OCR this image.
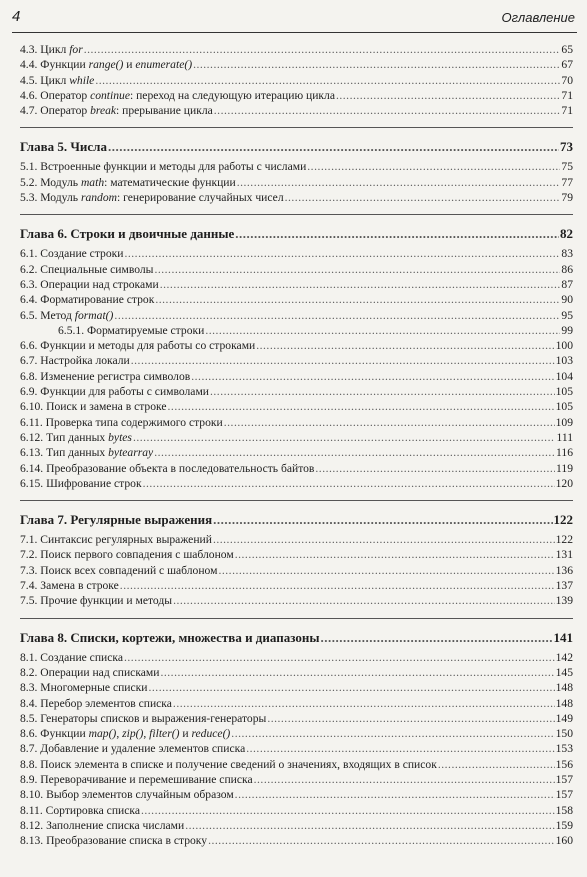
4	Оглавление
4.3. Цикл for .....	65
4.4. Функции range() и enumerate() .....	67
4.5. Цикл while .....	70
4.6. Оператор continue: переход на следующую итерацию цикла .....	71
4.7. Оператор break: прерывание цикла .....	71
Глава 5. Числа .....	73
5.1. Встроенные функции и методы для работы с числами .....	75
5.2. Модуль math: математические функции .....	77
5.3. Модуль random: генерирование случайных чисел .....	79
Глава 6. Строки и двоичные данные .....	82
6.1. Создание строки .....	83
6.2. Специальные символы .....	86
6.3. Операции над строками .....	87
6.4. Форматирование строк .....	90
6.5. Метод format() .....	95
6.5.1. Форматируемые строки .....	99
6.6. Функции и методы для работы со строками .....	100
6.7. Настройка локали .....	103
6.8. Изменение регистра символов .....	104
6.9. Функции для работы с символами .....	105
6.10. Поиск и замена в строке .....	105
6.11. Проверка типа содержимого строки .....	109
6.12. Тип данных bytes .....	111
6.13. Тип данных bytearray .....	116
6.14. Преобразование объекта в последовательность байтов .....	119
6.15. Шифрование строк .....	120
Глава 7. Регулярные выражения .....	122
7.1. Синтаксис регулярных выражений .....	122
7.2. Поиск первого совпадения с шаблоном .....	131
7.3. Поиск всех совпадений с шаблоном .....	136
7.4. Замена в строке .....	137
7.5. Прочие функции и методы .....	139
Глава 8. Списки, кортежи, множества и диапазоны .....	141
8.1. Создание списка .....	142
8.2. Операции над списками .....	145
8.3. Многомерные списки .....	148
8.4. Перебор элементов списка .....	148
8.5. Генераторы списков и выражения-генераторы .....	149
8.6. Функции map(), zip(), filter() и reduce() .....	150
8.7. Добавление и удаление элементов списка .....	153
8.8. Поиск элемента в списке и получение сведений о значениях, входящих в список .....	156
8.9. Переворачивание и перемешивание списка .....	157
8.10. Выбор элементов случайным образом .....	157
8.11. Сортировка списка .....	158
8.12. Заполнение списка числами .....	159
8.13. Преобразование списка в строку .....	160
